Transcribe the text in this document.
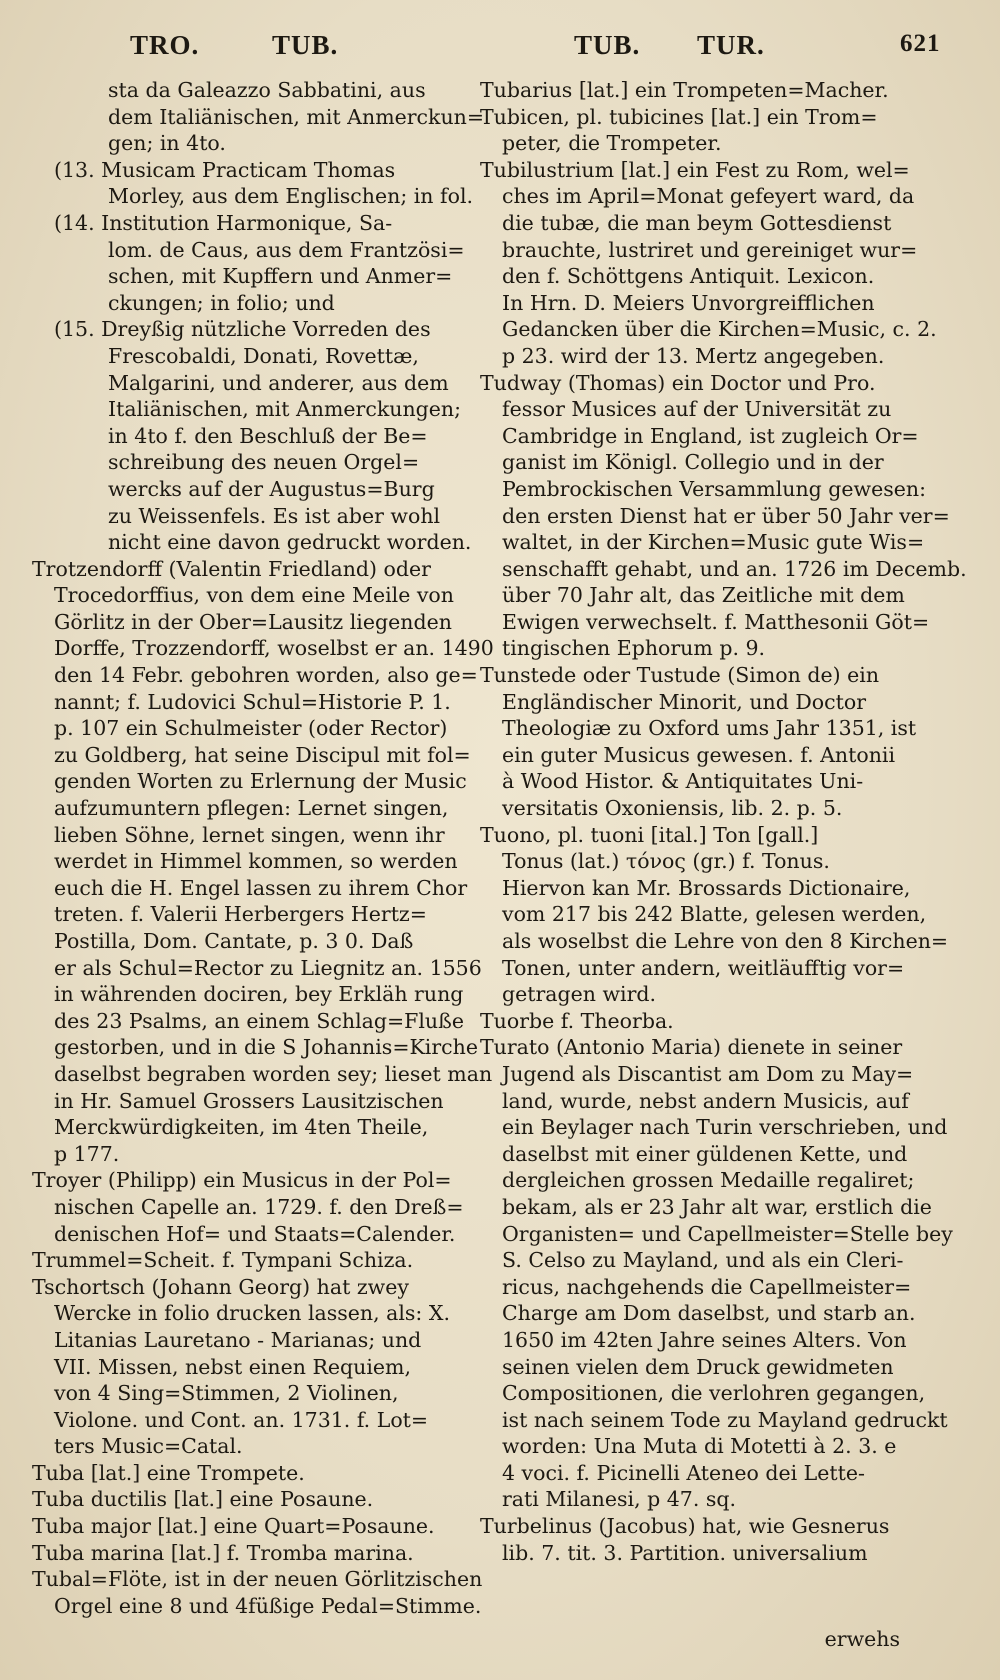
TRO.	TUB.	TUB. TUR.	621
sta da Galeazzo Sabbatini, aus
dem Italiänischen, mit Anmerckun=
gen; in 4to.
(13. Musicam Practicam Thomas
Morley, aus dem Englischen; in fol.
(14. Institution Harmonique, Sa-
lom. de Caus, aus dem Frantzösi=
schen, mit Kupffern und Anmer=
ckungen; in folio; und
(15. Dreyßig nützliche Vorreden des
Frescobaldi, Donati, Rovettæ,
Malgarini, und anderer, aus dem
Italiänischen, mit Anmerckungen;
in 4to f. den Beschluß der Be=
schreibung des neuen Orgel=
wercks auf der Augustus=Burg
zu Weissenfels. Es ist aber wohl
nicht eine davon gedruckt worden.
Trotzendorff (Valentin Friedland) oder
Trocedorffius, von dem eine Meile von
Görlitz in der Ober=Lausitz liegenden
Dorffe, Trozzendorff, woselbst er an. 1490
den 14 Febr. gebohren worden, also ge=
nannt; f. Ludovici Schul=Historie P. 1.
p. 107 ein Schulmeister (oder Rector)
zu Goldberg, hat seine Discipul mit fol=
genden Worten zu Erlernung der Music
aufzumuntern pflegen: Lernet singen,
lieben Söhne, lernet singen, wenn ihr
werdet in Himmel kommen, so werden
euch die H. Engel lassen zu ihrem Chor
treten. f. Valerii Herbergers Hertz=
Postilla, Dom. Cantate, p. 3 0. Daß
er als Schul=Rector zu Liegnitz an. 1556
in währenden dociren, bey Erkläh rung
des 23 Psalms, an einem Schlag=Fluße
gestorben, und in die S Johannis=Kirche
daselbst begraben worden sey; lieset man
in Hr. Samuel Grossers Lausitzischen
Merckwürdigkeiten, im 4ten Theile,
p 177.
Troyer (Philipp) ein Musicus in der Pol=
nischen Capelle an. 1729. f. den Dreß=
denischen Hof= und Staats=Calender.
Trummel=Scheit. f. Tympani Schiza.
Tschortsch (Johann Georg) hat zwey
Wercke in folio drucken lassen, als: X.
Litanias Lauretano - Marianas; und
VII. Missen, nebst einen Requiem,
von 4 Sing=Stimmen, 2 Violinen,
Violone. und Cont. an. 1731. f. Lot=
ters Music=Catal.
Tuba [lat.] eine Trompete.
Tuba ductilis [lat.] eine Posaune.
Tuba major [lat.] eine Quart=Posaune.
Tuba marina [lat.] f. Tromba marina.
Tubal=Flöte, ist in der neuen Görlitzischen
Orgel eine 8 und 4füßige Pedal=Stimme.
Tubarius [lat.] ein Trompeten=Macher.
Tubicen, pl. tubicines [lat.] ein Trom=
peter, die Trompeter.
Tubilustrium [lat.] ein Fest zu Rom, wel=
ches im April=Monat gefeyert ward, da
die tubæ, die man beym Gottesdienst
brauchte, lustriret und gereiniget wur=
den f. Schöttgens Antiquit. Lexicon.
In Hrn. D. Meiers Unvorgreifflichen
Gedancken über die Kirchen=Music, c. 2.
p 23. wird der 13. Mertz angegeben.
Tudway (Thomas) ein Doctor und Pro.
fessor Musices auf der Universität zu
Cambridge in England, ist zugleich Or=
ganist im Königl. Collegio und in der
Pembrockischen Versammlung gewesen:
den ersten Dienst hat er über 50 Jahr ver=
waltet, in der Kirchen=Music gute Wis=
senschafft gehabt, und an. 1726 im Decemb.
über 70 Jahr alt, das Zeitliche mit dem
Ewigen verwechselt. f. Matthesonii Göt=
tingischen Ephorum p. 9.
Tunstede oder Tustude (Simon de) ein
Engländischer Minorit, und Doctor
Theologiæ zu Oxford ums Jahr 1351, ist
ein guter Musicus gewesen. f. Antonii
à Wood Histor. & Antiquitates Uni-
versitatis Oxoniensis, lib. 2. p. 5.
Tuono, pl. tuoni [ital.] Ton [gall.]
Tonus (lat.) τόνος (gr.) f. Tonus.
Hiervon kan Mr. Brossards Dictionaire,
vom 217 bis 242 Blatte, gelesen werden,
als woselbst die Lehre von den 8 Kirchen=
Tonen, unter andern, weitläufftig vor=
getragen wird.
Tuorbe f. Theorba.
Turato (Antonio Maria) dienete in seiner
Jugend als Discantist am Dom zu May=
land, wurde, nebst andern Musicis, auf
ein Beylager nach Turin verschrieben, und
daselbst mit einer güldenen Kette, und
dergleichen grossen Medaille regaliret;
bekam, als er 23 Jahr alt war, erstlich die
Organisten= und Capellmeister=Stelle bey
S. Celso zu Mayland, und als ein Cleri-
ricus, nachgehends die Capellmeister=
Charge am Dom daselbst, und starb an.
1650 im 42ten Jahre seines Alters. Von
seinen vielen dem Druck gewidmeten
Compositionen, die verlohren gegangen,
ist nach seinem Tode zu Mayland gedruckt
worden: Una Muta di Motetti à 2. 3. e
4 voci. f. Picinelli Ateneo dei Lette-
rati Milanesi, p 47. sq.
Turbelinus (Jacobus) hat, wie Gesnerus
lib. 7. tit. 3. Partition. universalium
erwehs
